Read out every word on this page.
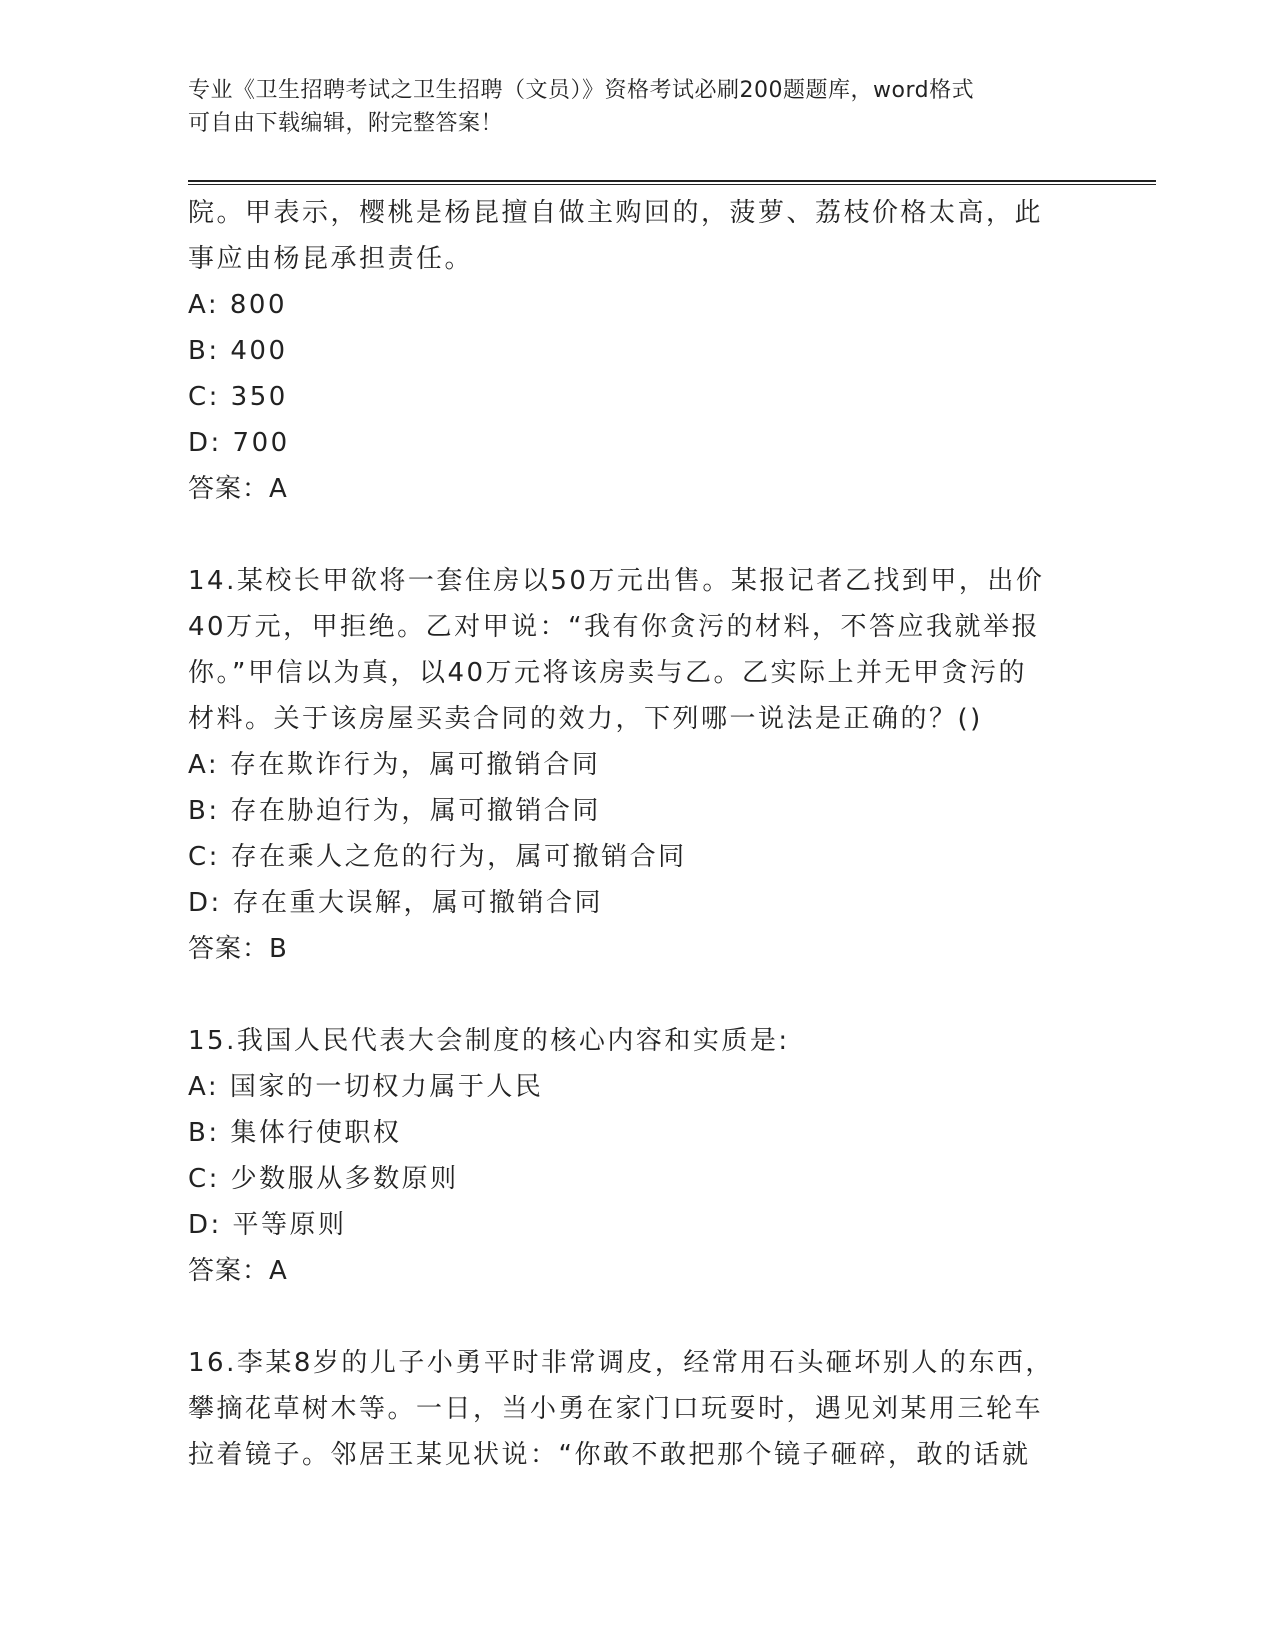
专业《卫生招聘考试之卫生招聘（文员）》资格考试必刷200题题库，word格式
可自由下载编辑，附完整答案！
院。甲表示，樱桃是杨昆擅自做主购回的，菠萝、荔枝价格太高，此
事应由杨昆承担责任。
A: 800
B: 400
C: 350
D: 700
答案：A
14.某校长甲欲将一套住房以50万元出售。某报记者乙找到甲，出价
40万元，甲拒绝。乙对甲说：“我有你贪污的材料，不答应我就举报
你。”甲信以为真，以40万元将该房卖与乙。乙实际上并无甲贪污的
材料。关于该房屋买卖合同的效力，下列哪一说法是正确的？()
A: 存在欺诈行为，属可撤销合同
B: 存在胁迫行为，属可撤销合同
C: 存在乘人之危的行为，属可撤销合同
D: 存在重大误解，属可撤销合同
答案：B
15.我国人民代表大会制度的核心内容和实质是:
A: 国家的一切权力属于人民
B: 集体行使职权
C: 少数服从多数原则
D: 平等原则
答案：A
16.李某8岁的儿子小勇平时非常调皮，经常用石头砸坏别人的东西，
攀摘花草树木等。一日，当小勇在家门口玩耍时，遇见刘某用三轮车
拉着镜子。邻居王某见状说：“你敢不敢把那个镜子砸碎，敢的话就
